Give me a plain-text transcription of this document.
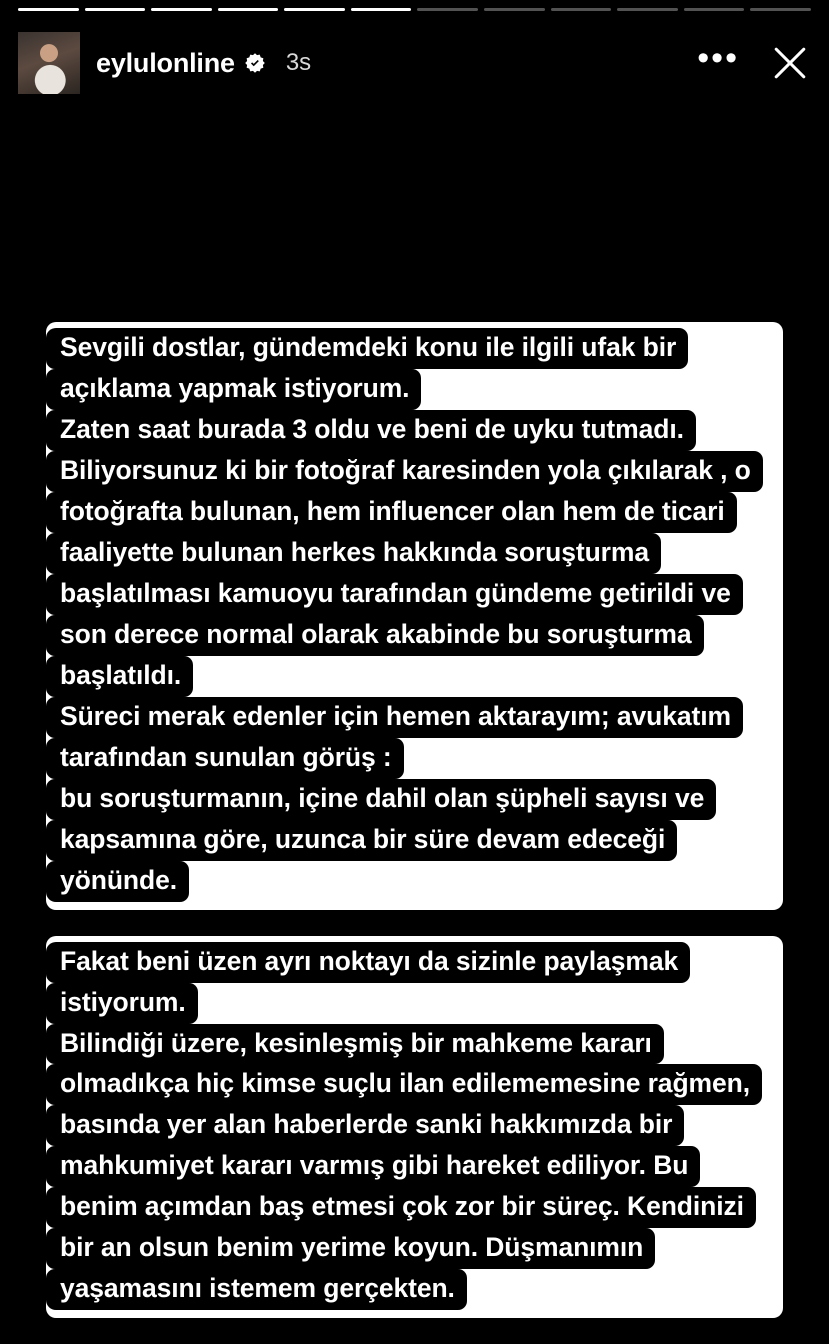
eylulonline 3s	•••
Sevgili dostlar, gündemdeki konu ile ilgili ufak bir
açıklama yapmak istiyorum.
Zaten saat burada 3 oldu ve beni de uyku tutmadı.
Biliyorsunuz ki bir fotoğraf karesinden yola çıkılarak , o
fotoğrafta bulunan, hem influencer olan hem de ticari
faaliyette bulunan herkes hakkında soruşturma
başlatılması kamuoyu tarafından gündeme getirildi ve
son derece normal olarak akabinde bu soruşturma
başlatıldı.
Süreci merak edenler için hemen aktarayım; avukatım
tarafından sunulan görüş :
bu soruşturmanın, içine dahil olan şüpheli sayısı ve
kapsamına göre, uzunca bir süre devam edeceği
yönünde.
Fakat beni üzen ayrı noktayı da sizinle paylaşmak
istiyorum.
Bilindiği üzere, kesinleşmiş bir mahkeme kararı
olmadıkça hiç kimse suçlu ilan edilememesine rağmen,
basında yer alan haberlerde sanki hakkımızda bir
mahkumiyet kararı varmış gibi hareket ediliyor. Bu
benim açımdan baş etmesi çok zor bir süreç. Kendinizi
bir an olsun benim yerime koyun. Düşmanımın
yaşamasını istemem gerçekten.
